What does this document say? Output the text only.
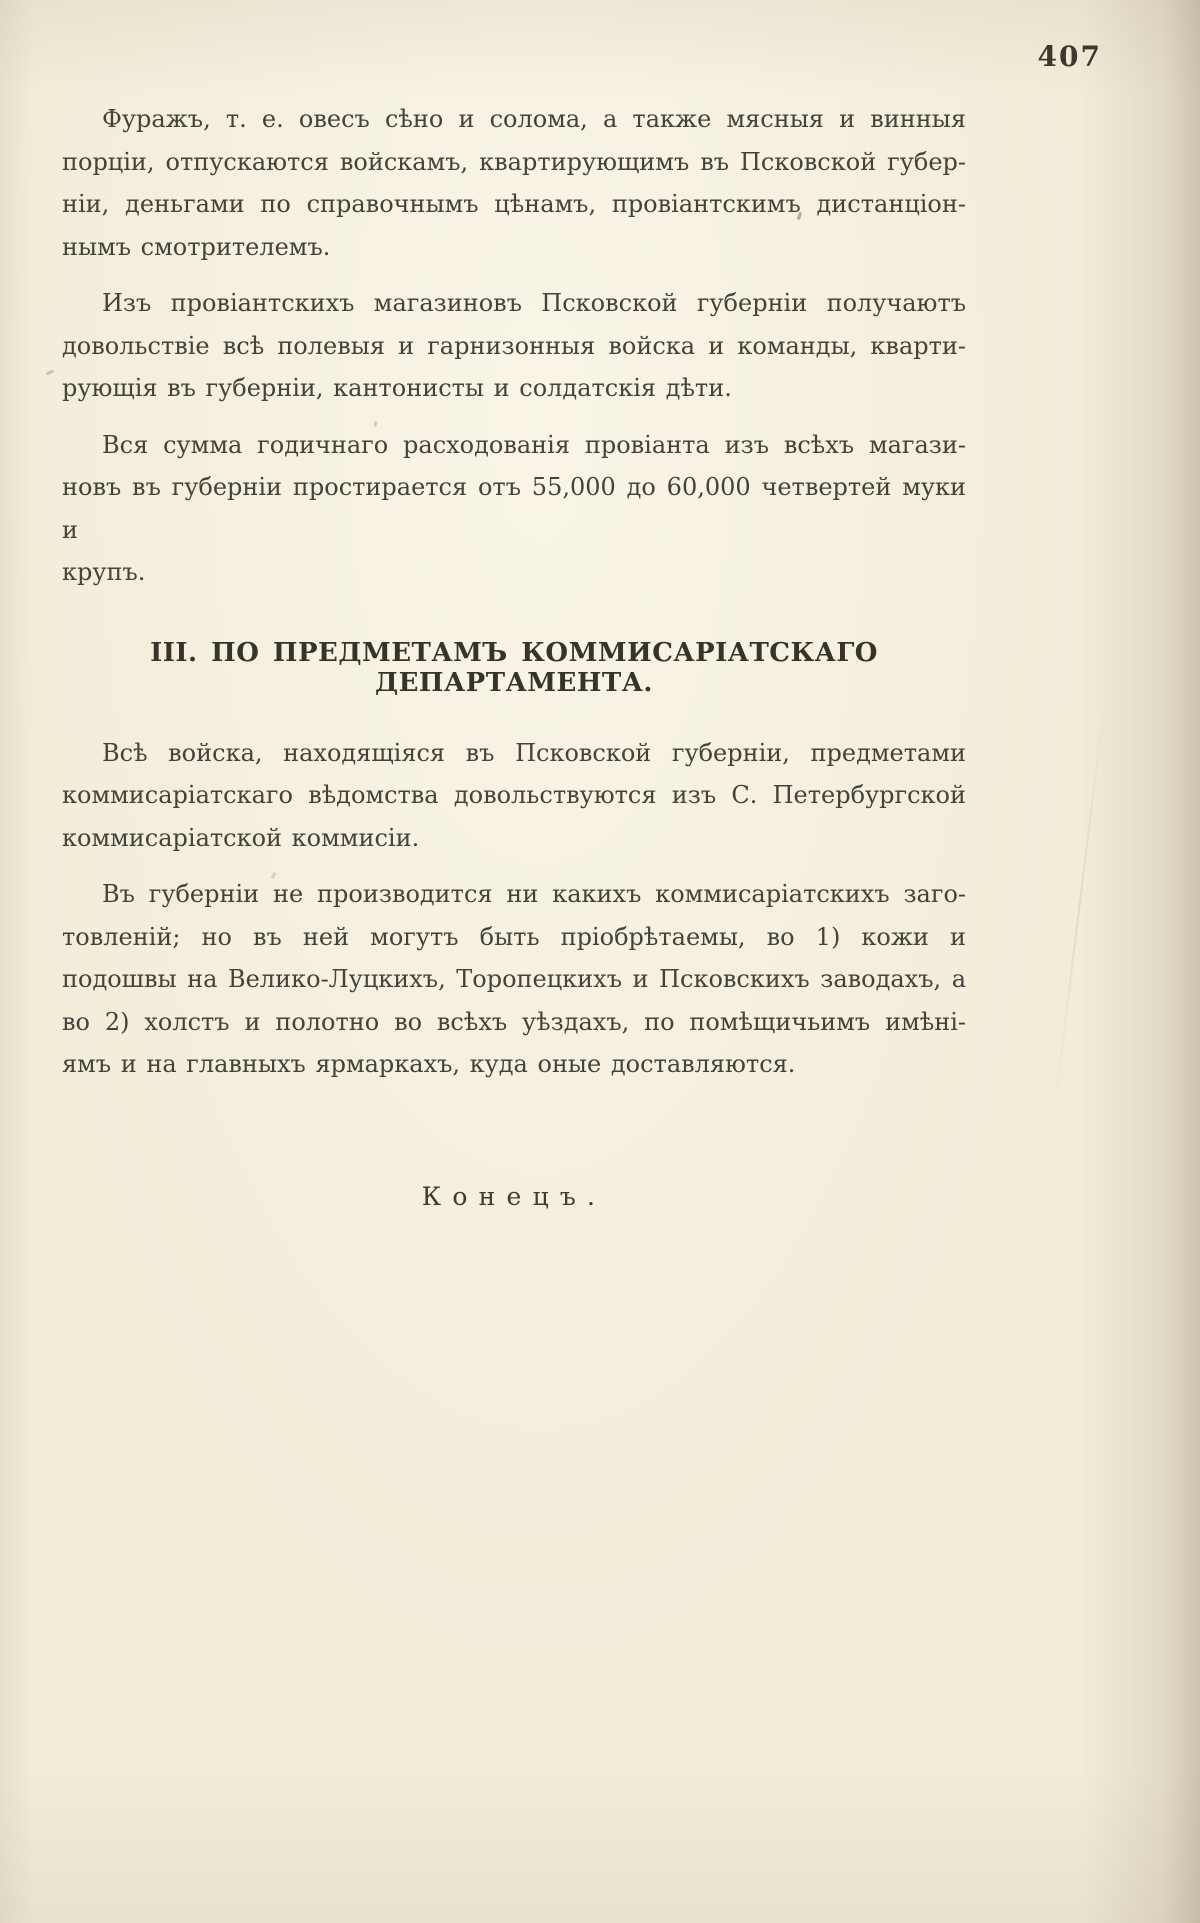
407
Фуражъ, т. е. овесъ сѣно и солома, а также мясныя и винныя
порціи, отпускаются войскамъ, квартирующимъ въ Псковской губер-
ніи, деньгами по справочнымъ цѣнамъ, провіантскимъ дистанціон-
нымъ смотрителемъ.
Изъ провіантскихъ магазиновъ Псковской губерніи получаютъ
довольствіе всѣ полевыя и гарнизонныя войска и команды, кварти-
рующія въ губерніи, кантонисты и солдатскія дѣти.
Вся сумма годичнаго расходованія провіанта изъ всѣхъ магази-
новъ въ губерніи простирается отъ 55,000 до 60,000 четвертей муки и
крупъ.
III. ПО ПРЕДМЕТАМЪ КОММИСАРІАТСКАГО ДЕПАРТАМЕНТА.
Всѣ войска, находящіяся въ Псковской губерніи, предметами
коммисаріатскаго вѣдомства довольствуются изъ С. Петербургской
коммисаріатской коммисіи.
Въ губерніи не производится ни какихъ коммисаріатскихъ заго-
товленій; но въ ней могутъ быть пріобрѣтаемы, во 1) кожи и
подошвы на Велико-Луцкихъ, Торопецкихъ и Псковскихъ заводахъ, а
во 2) холстъ и полотно во всѣхъ уѣздахъ, по помѣщичьимъ имѣні-
ямъ и на главныхъ ярмаркахъ, куда оные доставляются.
Конецъ.
